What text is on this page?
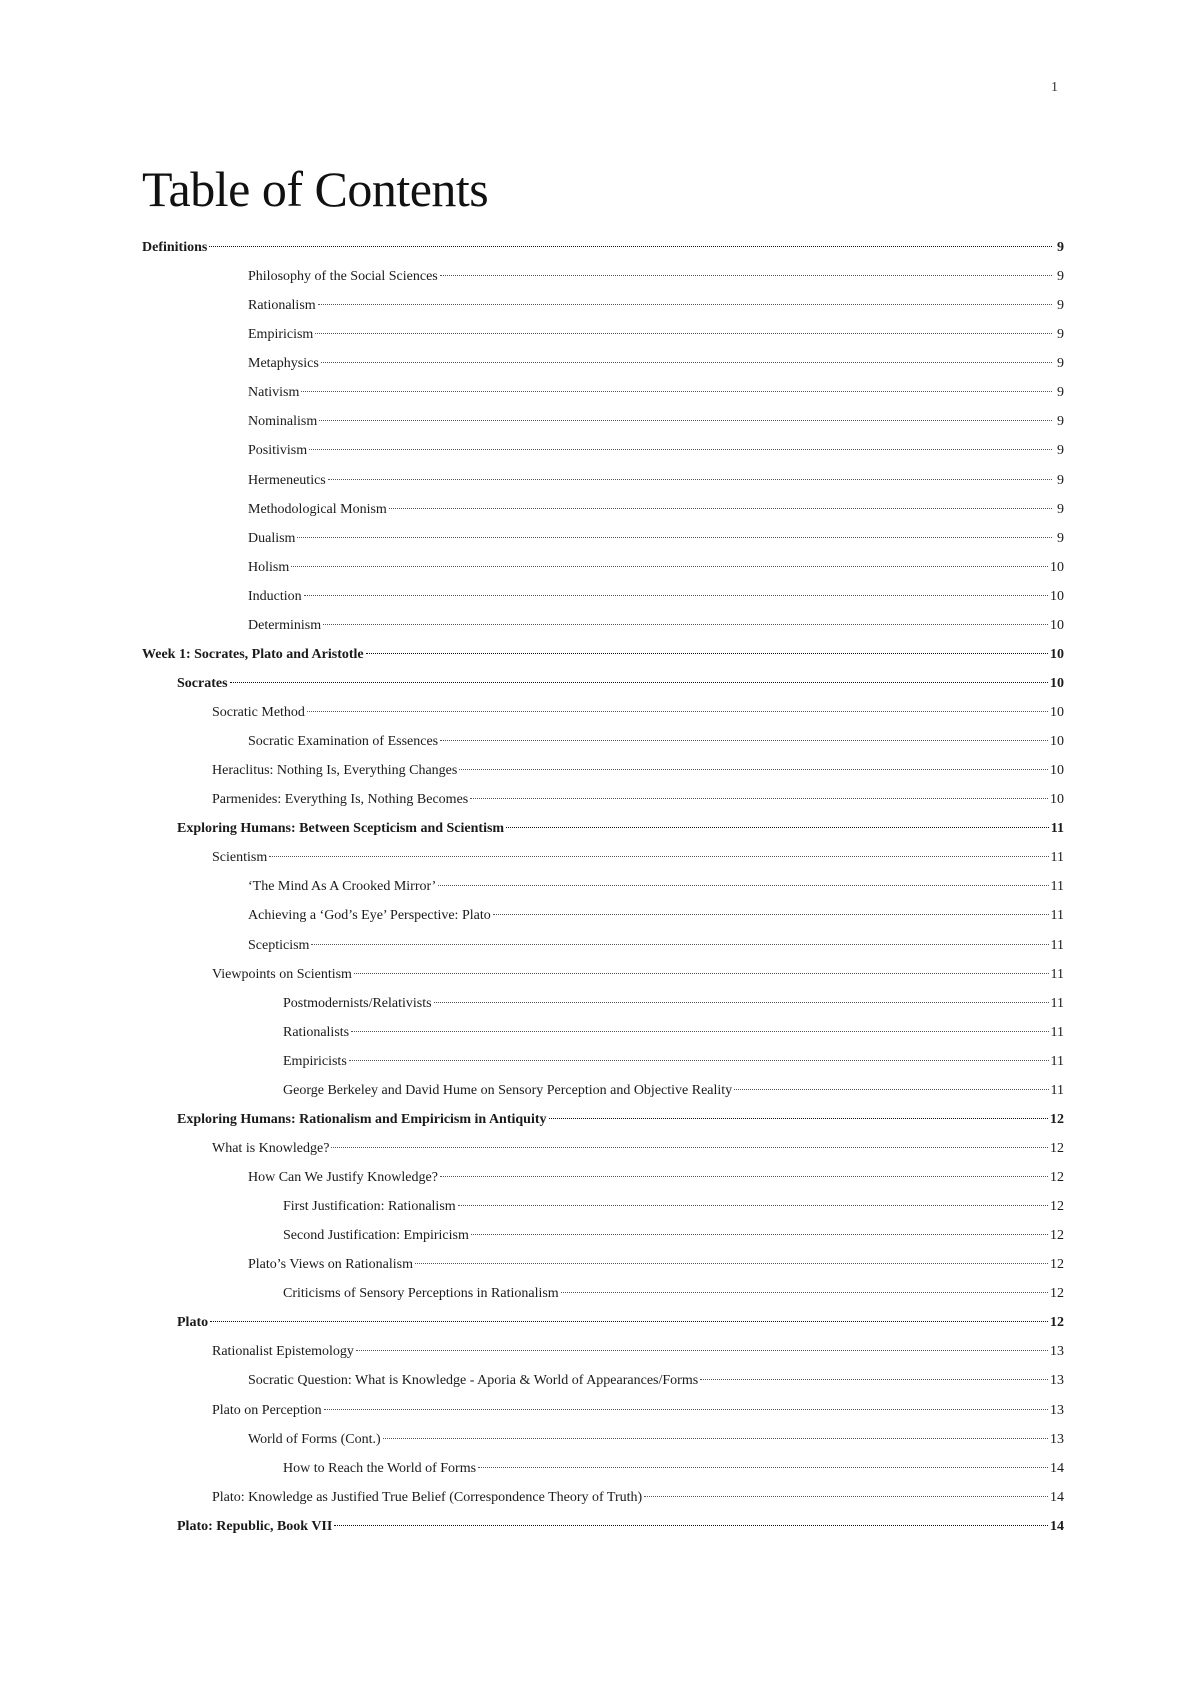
1
Table of Contents
Definitions	9
Philosophy of the Social Sciences	9
Rationalism	9
Empiricism	9
Metaphysics	9
Nativism	9
Nominalism	9
Positivism	9
Hermeneutics	9
Methodological Monism	9
Dualism	9
Holism	10
Induction	10
Determinism	10
Week 1: Socrates, Plato and Aristotle	10
Socrates	10
Socratic Method	10
Socratic Examination of Essences	10
Heraclitus: Nothing Is, Everything Changes	10
Parmenides: Everything Is, Nothing Becomes	10
Exploring Humans: Between Scepticism and Scientism	11
Scientism	11
‘The Mind As A Crooked Mirror’	11
Achieving a ‘God’s Eye’ Perspective: Plato	11
Scepticism	11
Viewpoints on Scientism	11
Postmodernists/Relativists	11
Rationalists	11
Empiricists	11
George Berkeley and David Hume on Sensory Perception and Objective Reality	11
Exploring Humans: Rationalism and Empiricism in Antiquity	12
What is Knowledge?	12
How Can We Justify Knowledge?	12
First Justification: Rationalism	12
Second Justification: Empiricism	12
Plato’s Views on Rationalism	12
Criticisms of Sensory Perceptions in Rationalism	12
Plato	12
Rationalist Epistemology	13
Socratic Question: What is Knowledge - Aporia & World of Appearances/Forms	13
Plato on Perception	13
World of Forms (Cont.)	13
How to Reach the World of Forms	14
Plato: Knowledge as Justified True Belief (Correspondence Theory of Truth)	14
Plato: Republic, Book VII	14
